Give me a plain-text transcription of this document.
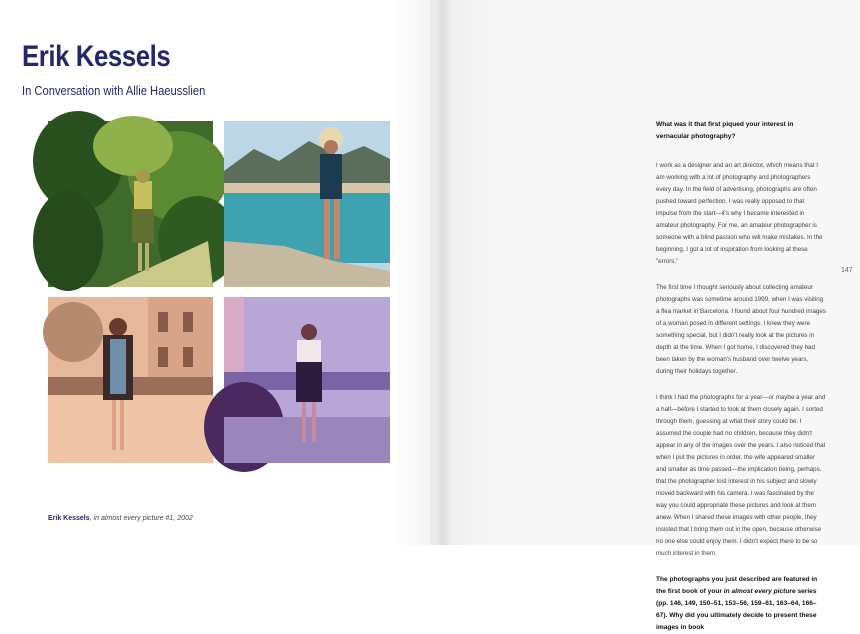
Erik Kessels

In Conversation with Allie Haeusslien

Erik Kessels, in almost every picture #1, 2002

What was it that first piqued your interest in vernacular photography?

I work as a designer and an art director, which means that I am working with a lot of photography and photographers every day. In the field of advertising, photographs are often pushed toward perfection. I was really opposed to that impulse from the start—it's why I became interested in amateur photography. For me, an amateur photographer is someone with a blind passion who will make mistakes. In the beginning, I got a lot of inspiration from looking at these "errors."

The first time I thought seriously about collecting amateur photographs was sometime around 1999, when I was visiting a flea market in Barcelona. I found about four hundred images of a woman posed in different settings. I knew they were something special, but I didn't really look at the pictures in depth at the time. When I got home, I discovered they had been taken by the woman's husband over twelve years, during their holidays together.

I think I had the photographs for a year—or maybe a year and a half—before I started to look at them closely again. I sorted through them, guessing at what their story could be. I assumed the couple had no children, because they didn't appear in any of the images over the years. I also noticed that when I put the pictures in order, the wife appeared smaller and smaller as time passed—the implication being, perhaps, that the photographer lost interest in his subject and slowly moved backward with his camera. I was fascinated by the way you could appropriate these pictures and look at them anew. When I shared these images with other people, they insisted that I bring them out in the open, because otherwise no one else could enjoy them. I didn't expect there to be so much interest in them.

The photographs you just described are featured in the first book of your in almost every picture series (pp. 146, 149, 150–51, 153–56, 159–61, 163–64, 166–67). Why did you ultimately decide to present these images in book

147
